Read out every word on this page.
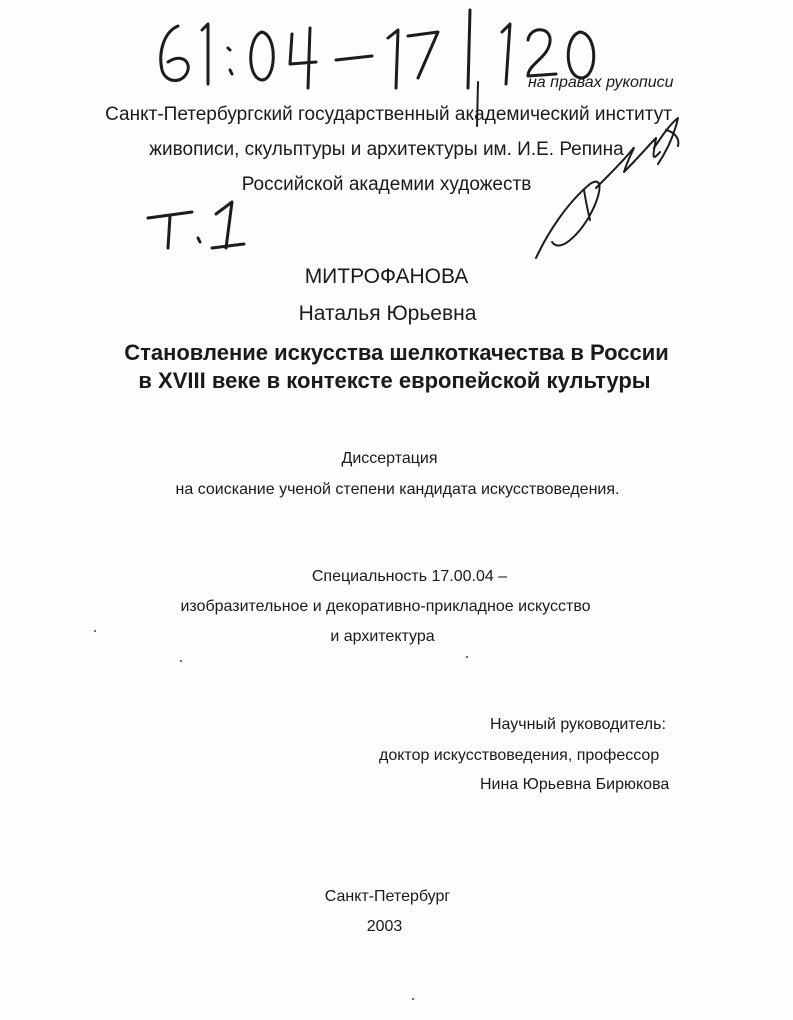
на правах рукописи
Санкт-Петербургский государственный академический институт
живописи, скульптуры и архитектуры им. И.Е. Репина
Российской академии художеств
МИТРОФАНОВА
Наталья Юрьевна
Становление искусства шелкоткачества в России
в XVIII веке в контексте европейской культуры
Диссертация
на соискание ученой степени кандидата искусствоведения.
Специальность 17.00.04 –
изобразительное и декоративно-прикладное искусство
и архитектура
Научный руководитель:
доктор искусствоведения, профессор
Нина Юрьевна Бирюкова
Санкт-Петербург
2003
